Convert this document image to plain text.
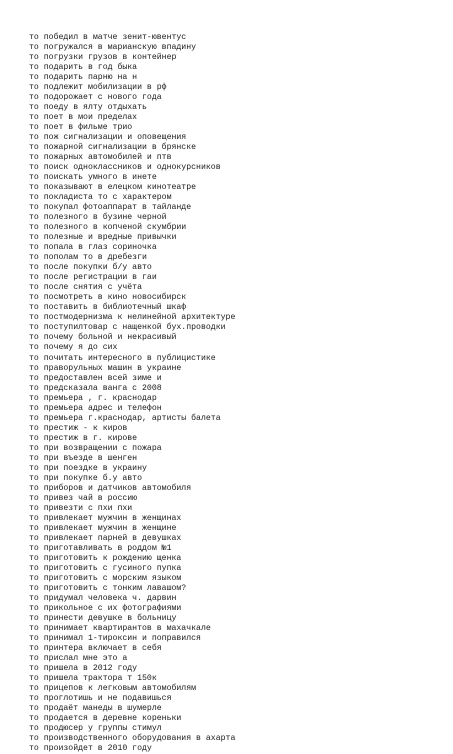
то победил в матче зенит-ювентус
то погружался в марианскую впадину
то погрузки грузов в контейнер
то подарить в год быка
то подарить парню на н
то подлежит мобилизации в рф
то подорожает с нового года
то поеду в ялту отдыхать
то поет в мои пределах
то поет в фильме трио
то пож сигнализации и оповещения
то пожарной сигнализации в брянске
то пожарных автомобилей и птв
то поиск одноклассников и однокурсников
то поискать умного в инете
то показывают в елецком кинотеатре
то покладиста то с характером
то покупал фотоаппарат в тайланде
то полезного в бузине черной
то полезного в копченой скумбрии
то полезные и вредные привычки
то попала в глаз сориночка
то пополам то в дребезги
то после покупки б/у авто
то после регистрации в гаи
то после снятия с учёта
то посмотреть в кино новосибирск
то поставить в библиотечный шкаф
то постмодернизма к нелинейной архитектуре
то поступилтовар с нащенкой бух.проводки
то почему больной и некрасивый
то почему я до сих
то почитать интересного в публицистике
то праворульных машин в украине
то предоставлен всей зиме и
то предсказала ванга с 2008
то премьера , г. краснодар
то премьера адрес и телефон
то премьера г.краснодар, артисты балета
то престиж - к киров
то престиж в г. кирове
то при возвращении с пожара
то при въезде в шенген
то при поездке в украину
то при покупке б.у авто
то приборов и датчиков автомобиля
то привез чай в россию
то привезти с пхи пхи
то привлекает мужчин в женщинах
то привлекает мужчин в женщине
то привлекает парней в девушках
то приготавливать в роддом №1
то приготовить к рождению щенка
то приготовить с гусиного пупка
то приготовить с морским языком
то приготовить с тонким лавашом?
то придумал человека ч. дарвин
то прикольное с их фотографиями
то принести девушке в больницу
то принимает квартирантов в махачкале
то принимал 1-тироксин и поправился
то принтера включает в себя
то прислал мне это а
то пришела в 2012 году
то пришела трактора т 150к
то прицепов к легковым автомобилям
то проглотишь и не подавишься
то продаёт манеды в шумерле
то продается в деревне кореньки
то продюсер у группы стимул
то производственного оборудования в ахарта
то произойдет в 2010 году
